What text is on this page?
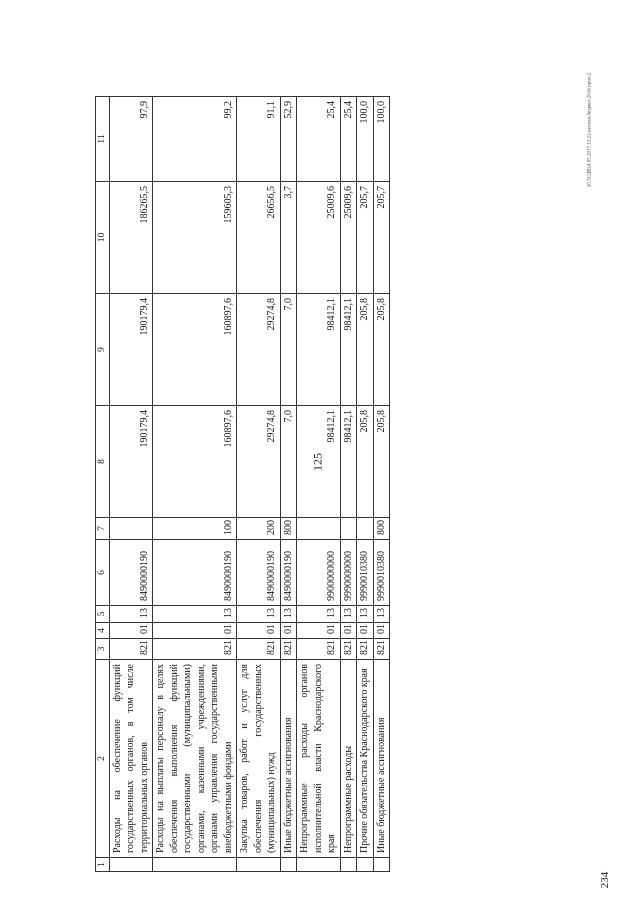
125
234
20.ЗСДВ24.05.2017.13:22:нсполн.бюджет.2016.прил.2
1	2	3	4	5	6	7	8	9	10	11
	Расходы на обеспечение функций государственных органов, в том числе территориальных органов	821	01	13	8490000190		190179,4	190179,4	186265,5	97,9
	Расходы на выплаты персоналу в целях обеспечения выполнения функций государственными (муниципальными) органами, казенными учреждениями, органами управления государственными внебюджетными фондами	821	01	13	8490000190	100	160897,6	160897,6	159605,3	99,2
	Закупка товаров, работ и услуг для обеспечения государственных (муниципальных) нужд	821	01	13	8490000190	200	29274,8	29274,8	26656,5	91,1
	Иные бюджетные ассигнования	821	01	13	8490000190	800	7,0	7,0	3,7	52,9
	Непрограммные расходы органов исполнительной власти Краснодарского края	821	01	13	9900000000		98412,1	98412,1	25009,6	25,4
	Непрограммные расходы	821	01	13	9990000000		98412,1	98412,1	25009,6	25,4
	Прочие обязательства Краснодарского края	821	01	13	9990010380		205,8	205,8	205,7	100,0
	Иные бюджетные ассигнования	821	01	13	9990010380	800	205,8	205,8	205,7	100,0
